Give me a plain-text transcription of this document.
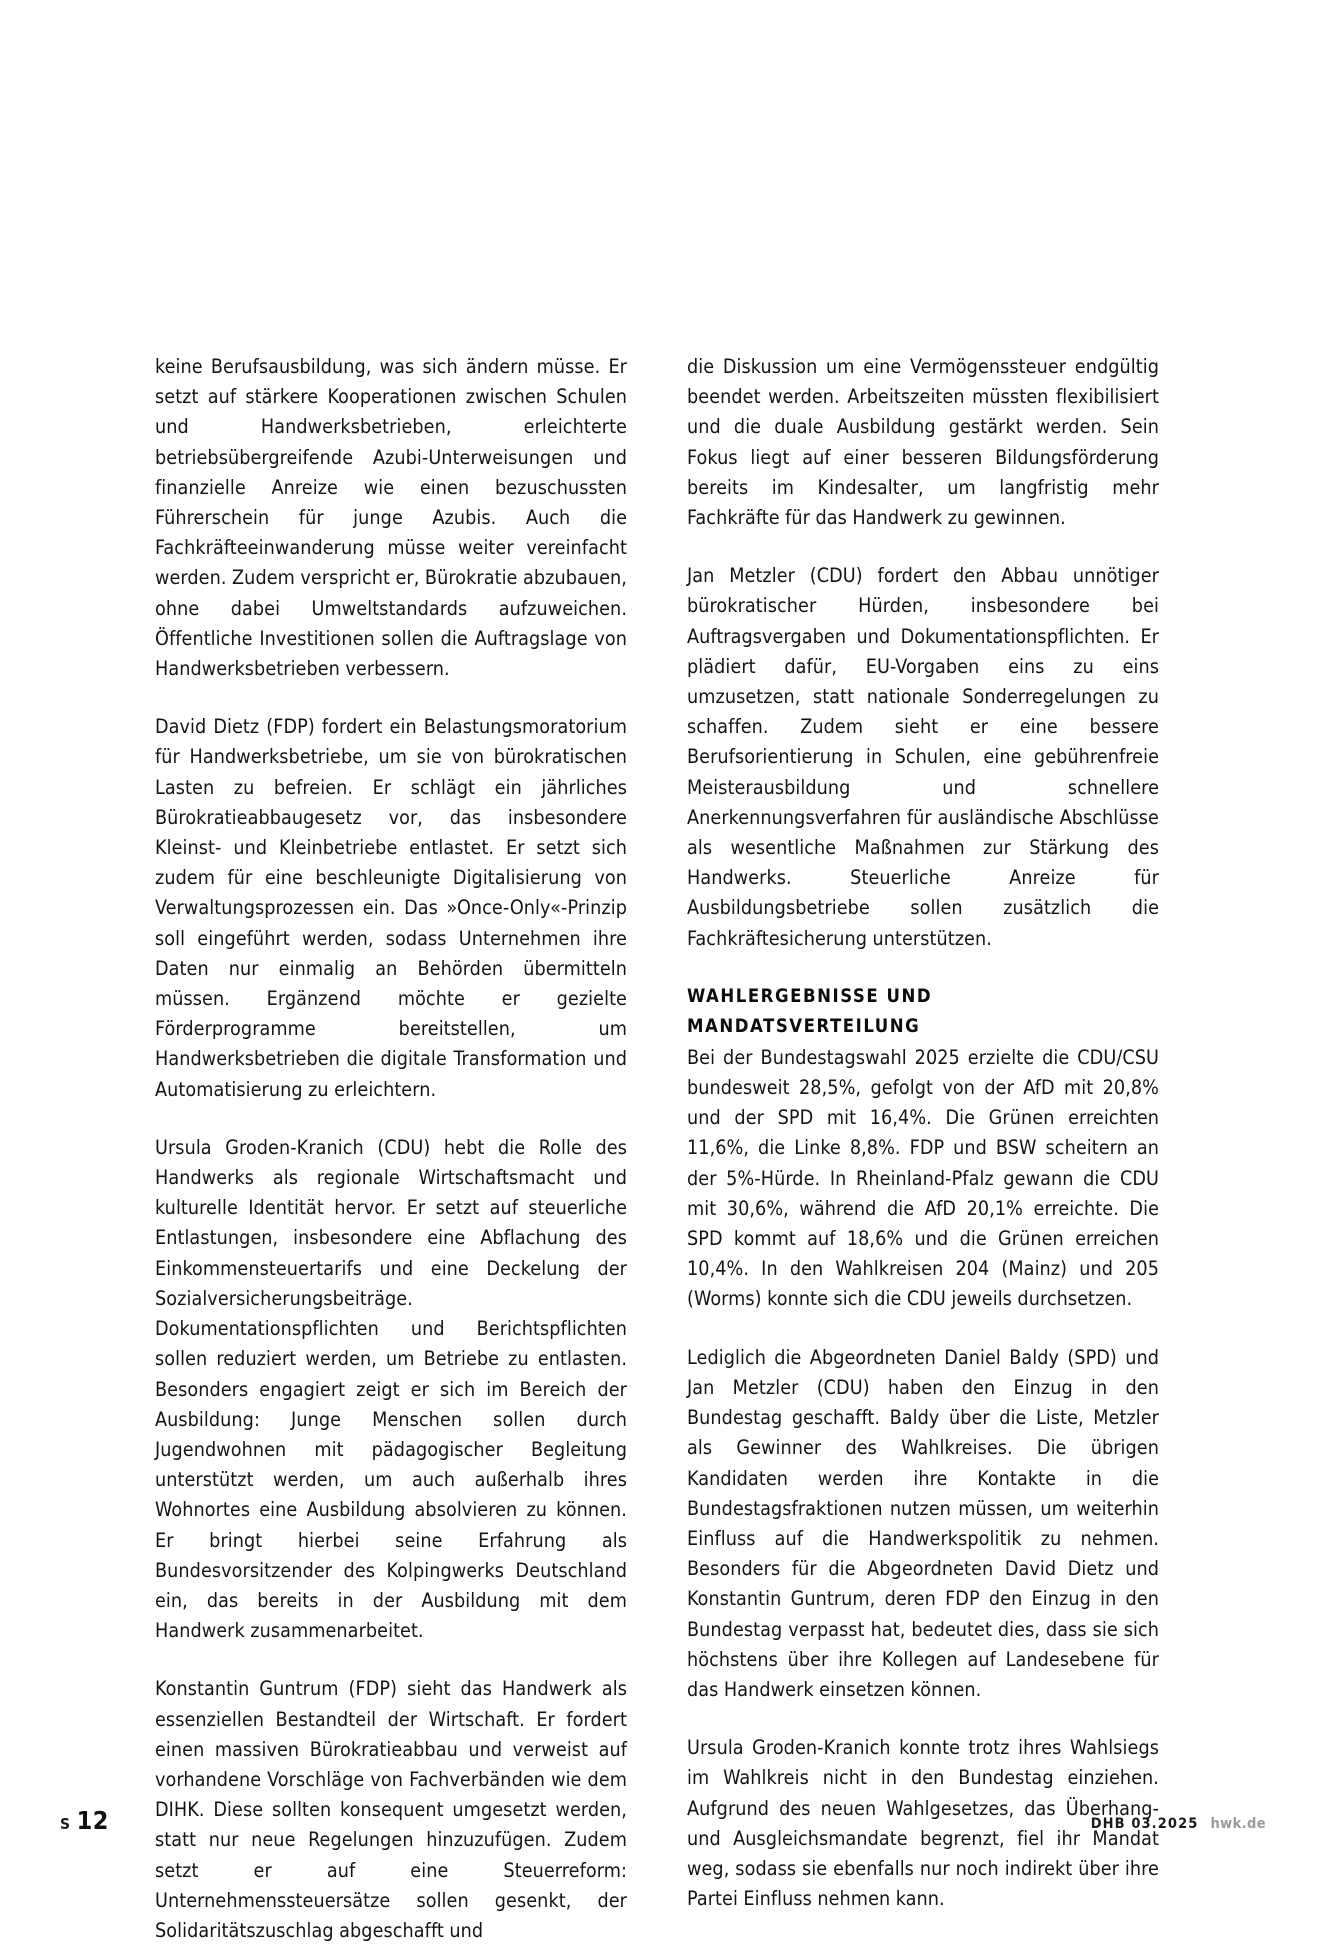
keine Berufsausbildung, was sich ändern müsse. Er setzt auf stärkere Kooperationen zwischen Schulen und Handwerksbetrieben, erleichterte betriebsübergreifende Azubi-Unterweisungen und finanzielle Anreize wie einen bezuschussten Führerschein für junge Azubis. Auch die Fachkräfteeinwanderung müsse weiter vereinfacht werden. Zudem verspricht er, Bürokratie abzubauen, ohne dabei Umweltstandards aufzuweichen. Öffentliche Investitionen sollen die Auftragslage von Handwerksbetrieben verbessern.

David Dietz (FDP) fordert ein Belastungsmoratorium für Handwerksbetriebe, um sie von bürokratischen Lasten zu befreien. Er schlägt ein jährliches Bürokratieabbaugesetz vor, das insbesondere Kleinst- und Kleinbetriebe entlastet. Er setzt sich zudem für eine beschleunigte Digitalisierung von Verwaltungsprozessen ein. Das »Once-Only«-Prinzip soll eingeführt werden, sodass Unternehmen ihre Daten nur einmalig an Behörden übermitteln müssen. Ergänzend möchte er gezielte Förderprogramme bereitstellen, um Handwerksbetrieben die digitale Transformation und Automatisierung zu erleichtern.

Ursula Groden-Kranich (CDU) hebt die Rolle des Handwerks als regionale Wirtschaftsmacht und kulturelle Identität hervor. Er setzt auf steuerliche Entlastungen, insbesondere eine Abflachung des Einkommensteuertarifs und eine Deckelung der Sozialversicherungsbeiträge. Dokumentationspflichten und Berichtspflichten sollen reduziert werden, um Betriebe zu entlasten. Besonders engagiert zeigt er sich im Bereich der Ausbildung: Junge Menschen sollen durch Jugendwohnen mit pädagogischer Begleitung unterstützt werden, um auch außerhalb ihres Wohnortes eine Ausbildung absolvieren zu können. Er bringt hierbei seine Erfahrung als Bundesvorsitzender des Kolpingwerks Deutschland ein, das bereits in der Ausbildung mit dem Handwerk zusammenarbeitet.

Konstantin Guntrum (FDP) sieht das Handwerk als essenziellen Bestandteil der Wirtschaft. Er fordert einen massiven Bürokratieabbau und verweist auf vorhandene Vorschläge von Fachverbänden wie dem DIHK. Diese sollten konsequent umgesetzt werden, statt nur neue Regelungen hinzuzufügen. Zudem setzt er auf eine Steuerreform: Unternehmenssteuersätze sollen gesenkt, der Solidaritätszuschlag abgeschafft und

die Diskussion um eine Vermögenssteuer endgültig beendet werden. Arbeitszeiten müssten flexibilisiert und die duale Ausbildung gestärkt werden. Sein Fokus liegt auf einer besseren Bildungsförderung bereits im Kindesalter, um langfristig mehr Fachkräfte für das Handwerk zu gewinnen.

Jan Metzler (CDU) fordert den Abbau unnötiger bürokratischer Hürden, insbesondere bei Auftragsvergaben und Dokumentationspflichten. Er plädiert dafür, EU-Vorgaben eins zu eins umzusetzen, statt nationale Sonderregelungen zu schaffen. Zudem sieht er eine bessere Berufsorientierung in Schulen, eine gebührenfreie Meisterausbildung und schnellere Anerkennungsverfahren für ausländische Abschlüsse als wesentliche Maßnahmen zur Stärkung des Handwerks. Steuerliche Anreize für Ausbildungsbetriebe sollen zusätzlich die Fachkräftesicherung unterstützen.

WAHLERGEBNISSE UND MANDATSVERTEILUNG

Bei der Bundestagswahl 2025 erzielte die CDU/CSU bundesweit 28,5%, gefolgt von der AfD mit 20,8% und der SPD mit 16,4%. Die Grünen erreichten 11,6%, die Linke 8,8%. FDP und BSW scheitern an der 5%-Hürde. In Rheinland-Pfalz gewann die CDU mit 30,6%, während die AfD 20,1% erreichte. Die SPD kommt auf 18,6% und die Grünen erreichen 10,4%. In den Wahlkreisen 204 (Mainz) und 205 (Worms) konnte sich die CDU jeweils durchsetzen.

Lediglich die Abgeordneten Daniel Baldy (SPD) und Jan Metzler (CDU) haben den Einzug in den Bundestag geschafft. Baldy über die Liste, Metzler als Gewinner des Wahlkreises. Die übrigen Kandidaten werden ihre Kontakte in die Bundestagsfraktionen nutzen müssen, um weiterhin Einfluss auf die Handwerkspolitik zu nehmen. Besonders für die Abgeordneten David Dietz und Konstantin Guntrum, deren FDP den Einzug in den Bundestag verpasst hat, bedeutet dies, dass sie sich höchstens über ihre Kollegen auf Landesebene für das Handwerk einsetzen können.

Ursula Groden-Kranich konnte trotz ihres Wahlsiegs im Wahlkreis nicht in den Bundestag einziehen. Aufgrund des neuen Wahlgesetzes, das Überhang- und Ausgleichsmandate begrenzt, fiel ihr Mandat weg, sodass sie ebenfalls nur noch indirekt über ihre Partei Einfluss nehmen kann.

S 12	DHB 03.2025 hwk.de
